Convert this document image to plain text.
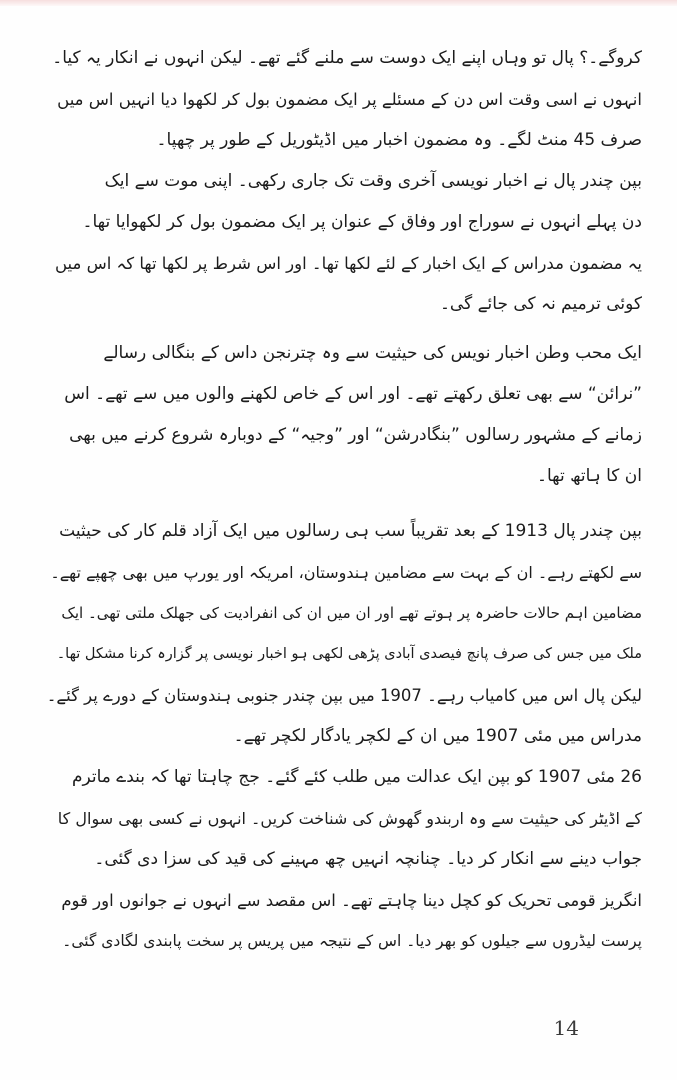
کروگے۔؟ پال تو وہاں اپنے ایک دوست سے ملنے گئے تھے۔ لیکن انہوں نے انکار یہ کیا۔
انہوں نے اسی وقت اس دن کے مسئلے پر ایک مضمون بول کر لکھوا دیا انہیں اس میں
صرف 45 منٹ لگے۔ وہ مضمون اخبار میں اڈیٹوریل کے طور پر چھپا۔

بپن چندر پال نے اخبار نویسی آخری وقت تک جاری رکھی۔ اپنی موت سے ایک
دن پہلے انہوں نے سوراج اور وفاق کے عنوان پر ایک مضمون بول کر لکھوایا تھا۔

یہ مضمون مدراس کے ایک اخبار کے لئے لکھا تھا۔ اور اس شرط پر لکھا تھا کہ اس میں
کوئی ترمیم نہ کی جائے گی۔

ایک محب وطن اخبار نویس کی حیثیت سے وہ چترنجن داس کے بنگالی رسالے
”نرائن“ سے بھی تعلق رکھتے تھے۔ اور اس کے خاص لکھنے والوں میں سے تھے۔ اس
زمانے کے مشہور رسالوں ”بنگادرشن“ اور ”وجیہ“ کے دوبارہ شروع کرنے میں بھی
ان کا ہاتھ تھا۔

بپن چندر پال 1913 کے بعد تقریباً سب ہی رسالوں میں ایک آزاد قلم کار کی حیثیت
سے لکھتے رہے۔ ان کے بہت سے مضامین ہندوستان، امریکہ اور یورپ میں بھی چھپے تھے۔
مضامین اہم حالات حاضرہ پر ہوتے تھے اور ان میں ان کی انفرادیت کی جھلک ملتی تھی۔ ایک
ملک میں جس کی صرف پانچ فیصدی آبادی پڑھی لکھی ہو اخبار نویسی پر گزارہ کرنا مشکل تھا۔
لیکن پال اس میں کامیاب رہے۔ 1907 میں بپن چندر جنوبی ہندوستان کے دورے پر گئے۔
مدراس میں مئی 1907 میں ان کے لکچر یادگار لکچر تھے۔

26 مئی 1907 کو بپن ایک عدالت میں طلب کئے گئے۔ جج چاہتا تھا کہ بندے ماترم
کے اڈیٹر کی حیثیت سے وہ اربندو گھوش کی شناخت کریں۔ انہوں نے کسی بھی سوال کا
جواب دینے سے انکار کر دیا۔ چنانچہ انہیں چھ مہینے کی قید کی سزا دی گئی۔

انگریز قومی تحریک کو کچل دینا چاہتے تھے۔ اس مقصد سے انہوں نے جوانوں اور قوم
پرست لیڈروں سے جیلوں کو بھر دیا۔ اس کے نتیجہ میں پریس پر سخت پابندی لگادی گئی۔

14
